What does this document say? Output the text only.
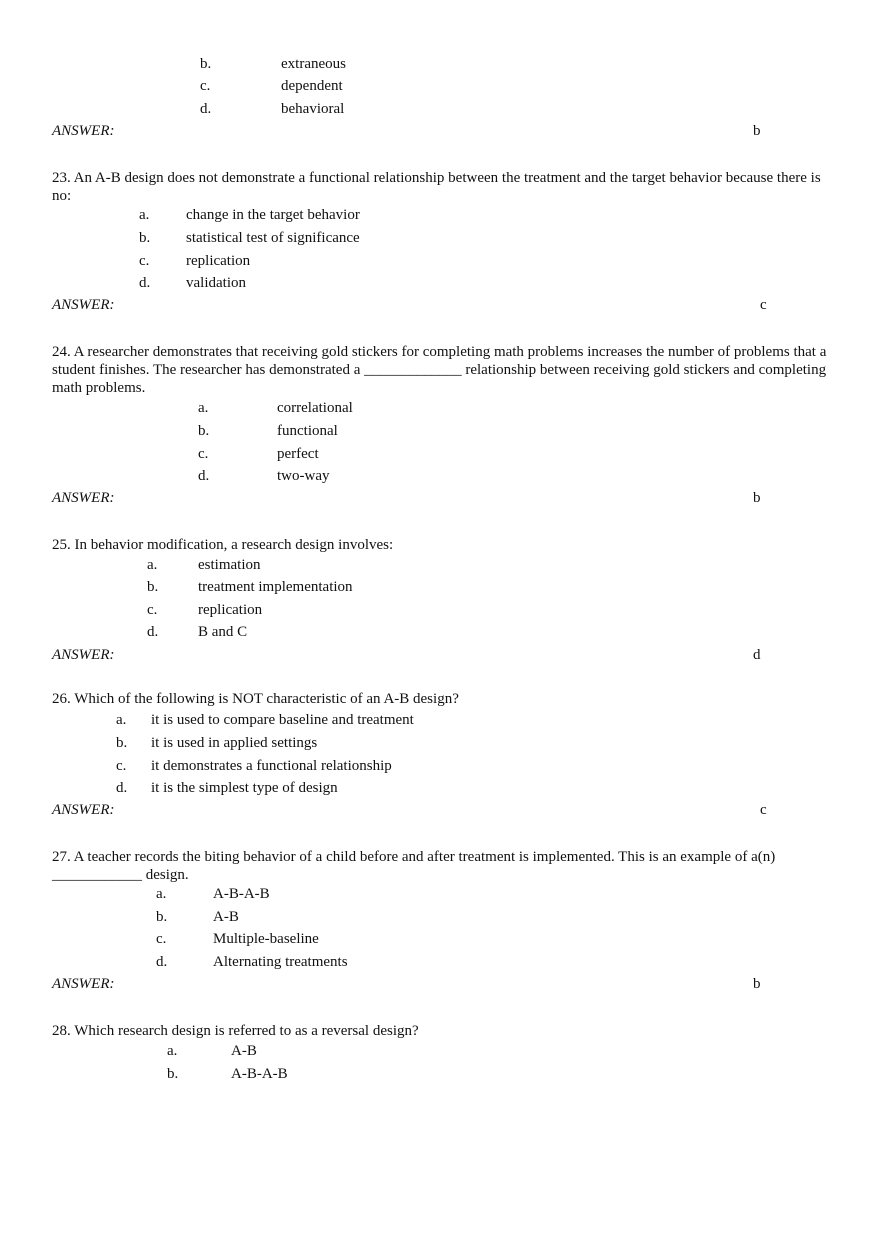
b.	extraneous
c.	dependent
d.	behavioral
ANSWER:	b
23. An A-B design does not demonstrate a functional relationship between the treatment and the target behavior because there is no:
a. change in the target behavior
b. statistical test of significance
c. replication
d. validation
ANSWER:	c
24. A researcher demonstrates that receiving gold stickers for completing math problems increases the number of problems that a student finishes. The researcher has demonstrated a _____________ relationship between receiving gold stickers and completing math problems.
a.	correlational
b.	functional
c.	perfect
d.	two-way
ANSWER:	b
25. In behavior modification, a research design involves:
a.	estimation
b.	treatment implementation
c.	replication
d.	B and C
ANSWER:	d
26. Which of the following is NOT characteristic of an A-B design?
a. it is used to compare baseline and treatment
b. it is used in applied settings
c. it demonstrates a functional relationship
d. it is the simplest type of design
ANSWER:	c
27. A teacher records the biting behavior of a child before and after treatment is implemented. This is an example of a(n) ____________ design.
a.	A-B-A-B
b.	A-B
c.	Multiple-baseline
d.	Alternating treatments
ANSWER:	b
28. Which research design is referred to as a reversal design?
a.	A-B
b.	A-B-A-B
